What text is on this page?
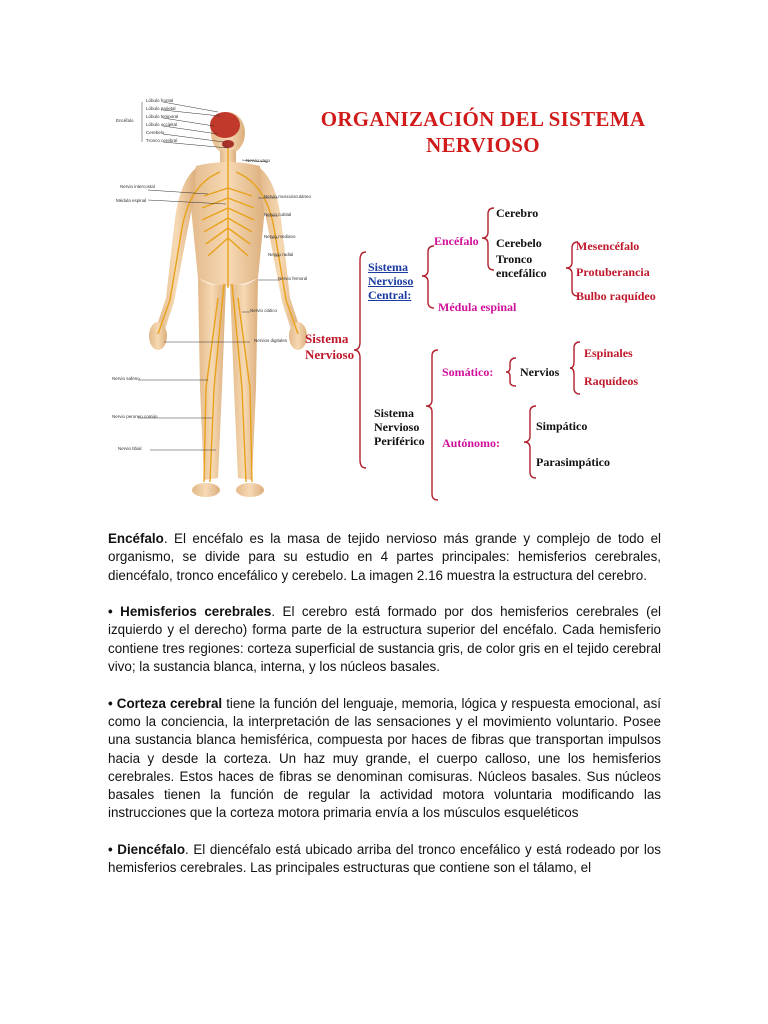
Lóbulo frontal
Lóbulo parietal
Lóbulo temporal
Lóbulo occipital
Cerebelo
Tronco cerebral
Encéfalo
Nervio vago
Nervio intercostal
Médula espinal
Nervio musculocutáneo
Nervio cubital
Nervio mediano
Nervio radial
Nervio femoral
Nervio ciático
Nervios digitales
Nervio safeno
Nervio peroneo común
Nervio tibial
ORGANIZACIÓN DEL SISTEMA NERVIOSO
Sistema Nervioso
Sistema Nervioso Central:
Encéfalo
Cerebro
Cerebelo
Tronco encefálico
Mesencéfalo
Protuberancia
Bulbo raquídeo
Médula espinal
Sistema Nervioso Periférico
Somático: Nervios
Espinales
Raquídeos
Autónomo:
Simpático
Parasimpático

Encéfalo. El encéfalo es la masa de tejido nervioso más grande y complejo de todo el organismo, se divide para su estudio en 4 partes principales: hemisferios cerebrales, diencéfalo, tronco encefálico y cerebelo. La imagen 2.16 muestra la estructura del cerebro.

• Hemisferios cerebrales. El cerebro está formado por dos hemisferios cerebrales (el izquierdo y el derecho) forma parte de la estructura superior del encéfalo. Cada hemisferio contiene tres regiones: corteza superficial de sustancia gris, de color gris en el tejido cerebral vivo; la sustancia blanca, interna, y los núcleos basales.

• Corteza cerebral tiene la función del lenguaje, memoria, lógica y respuesta emocional, así como la conciencia, la interpretación de las sensaciones y el movimiento voluntario. Posee una sustancia blanca hemisférica, compuesta por haces de fibras que transportan impulsos hacia y desde la corteza. Un haz muy grande, el cuerpo calloso, une los hemisferios cerebrales. Estos haces de fibras se denominan comisuras. Núcleos basales. Sus núcleos basales tienen la función de regular la actividad motora voluntaria modificando las instrucciones que la corteza motora primaria envía a los músculos esqueléticos

• Diencéfalo. El diencéfalo está ubicado arriba del tronco encefálico y está rodeado por los hemisferios cerebrales. Las principales estructuras que contiene son el tálamo, el
